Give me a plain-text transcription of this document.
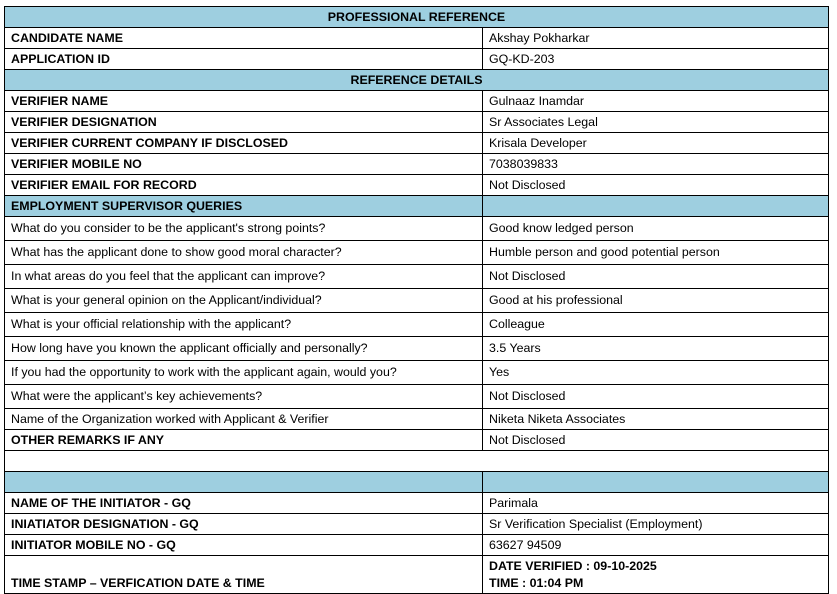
PROFESSIONAL REFERENCE	
CANDIDATE NAME	Akshay Pokharkar
APPLICATION ID	GQ-KD-203
REFERENCE DETAILS	
VERIFIER NAME	Gulnaaz Inamdar
VERIFIER DESIGNATION	Sr Associates Legal
VERIFIER CURRENT COMPANY IF DISCLOSED	Krisala Developer
VERIFIER MOBILE NO	7038039833
VERIFIER EMAIL FOR RECORD	Not Disclosed
EMPLOYMENT SUPERVISOR QUERIES	
What do you consider to be the applicant's strong points?	Good know ledged person
What has the applicant done to show good moral character?	Humble person and good potential person
In what areas do you feel that the applicant can improve?	Not Disclosed
What is your general opinion on the Applicant/individual?	Good at his professional
What is your official relationship with the applicant?	Colleague
How long have you known the applicant officially and personally?	3.5 Years
If you had the opportunity to work with the applicant again, would you?	Yes
What were the applicant’s key achievements?	Not Disclosed
Name of the Organization worked with Applicant & Verifier	Niketa Niketa Associates
OTHER REMARKS IF ANY	Not Disclosed

NAME OF THE INITIATOR - GQ	Parimala
INIATIATOR DESIGNATION - GQ	Sr Verification Specialist (Employment)
INITIATOR MOBILE NO - GQ	63627 94509
TIME STAMP – VERFICATION DATE & TIME	DATE VERIFIED : 09-10-2025
TIME : 01:04 PM
